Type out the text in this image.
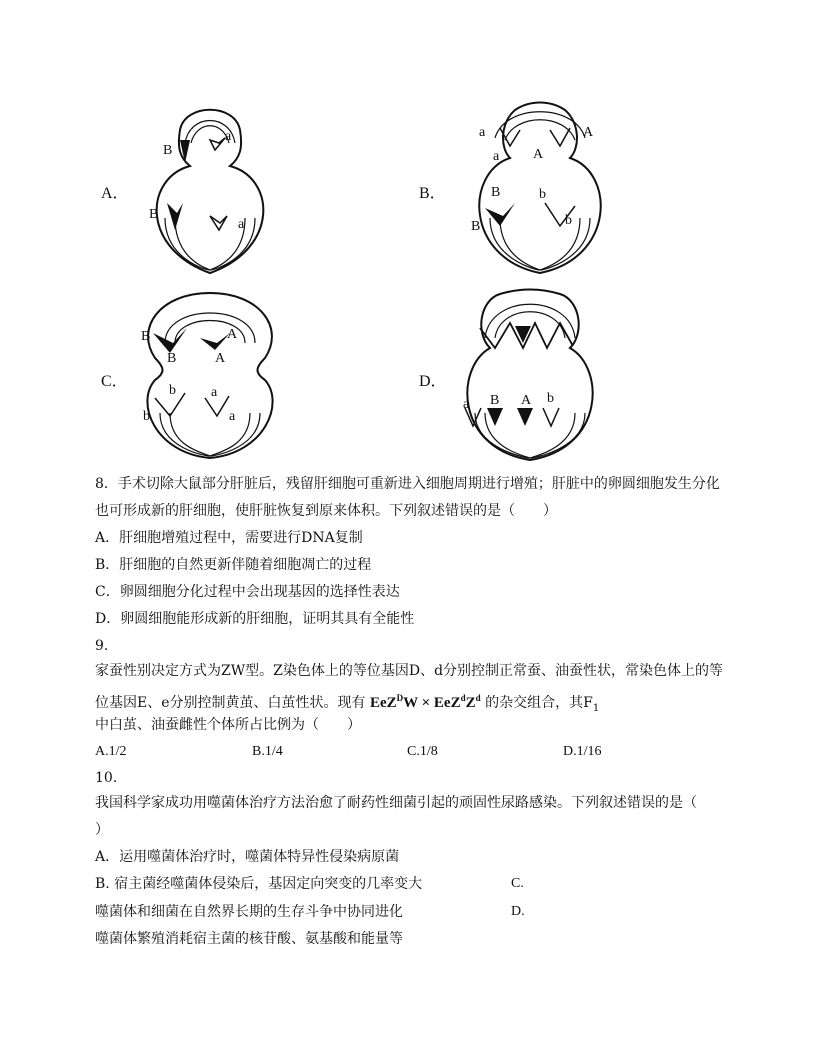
A．	B．
C．	D．
B
a
B
a
a
a
A
A
B
B
b
b
B
B
A
A
b
b
a
a
a B A b
8．手术切除大鼠部分肝脏后，残留肝细胞可重新进入细胞周期进行增殖；肝脏中的卵圆细胞发生分化
也可形成新的肝细胞，使肝脏恢复到原来体积。下列叙述错误的是（　　）
A．肝细胞增殖过程中，需要进行DNA复制
B．肝细胞的自然更新伴随着细胞凋亡的过程
C．卵圆细胞分化过程中会出现基因的选择性表达
D．卵圆细胞能形成新的肝细胞，证明其具有全能性
9.
家蚕性别决定方式为ZW型。Z染色体上的等位基因D、d分别控制正常蚕、油蚕性状，常染色体上的等
位基因E、e分别控制黄茧、白茧性状。现有 $EeZ^DW \times EeZ^dZ^d$ 的杂交组合，其$F_1$
中白茧、油蚕雌性个体所占比例为（　　）
A.1/2	B.1/4	C.1/8	D.1/16
10.
我国科学家成功用噬菌体治疗方法治愈了耐药性细菌引起的顽固性尿路感染。下列叙述错误的是（
）
A．运用噬菌体治疗时，噬菌体特异性侵染病原菌
B. 宿主菌经噬菌体侵染后，基因定向突变的几率变大	C.
噬菌体和细菌在自然界长期的生存斗争中协同进化	D.
噬菌体繁殖消耗宿主菌的核苷酸、氨基酸和能量等
